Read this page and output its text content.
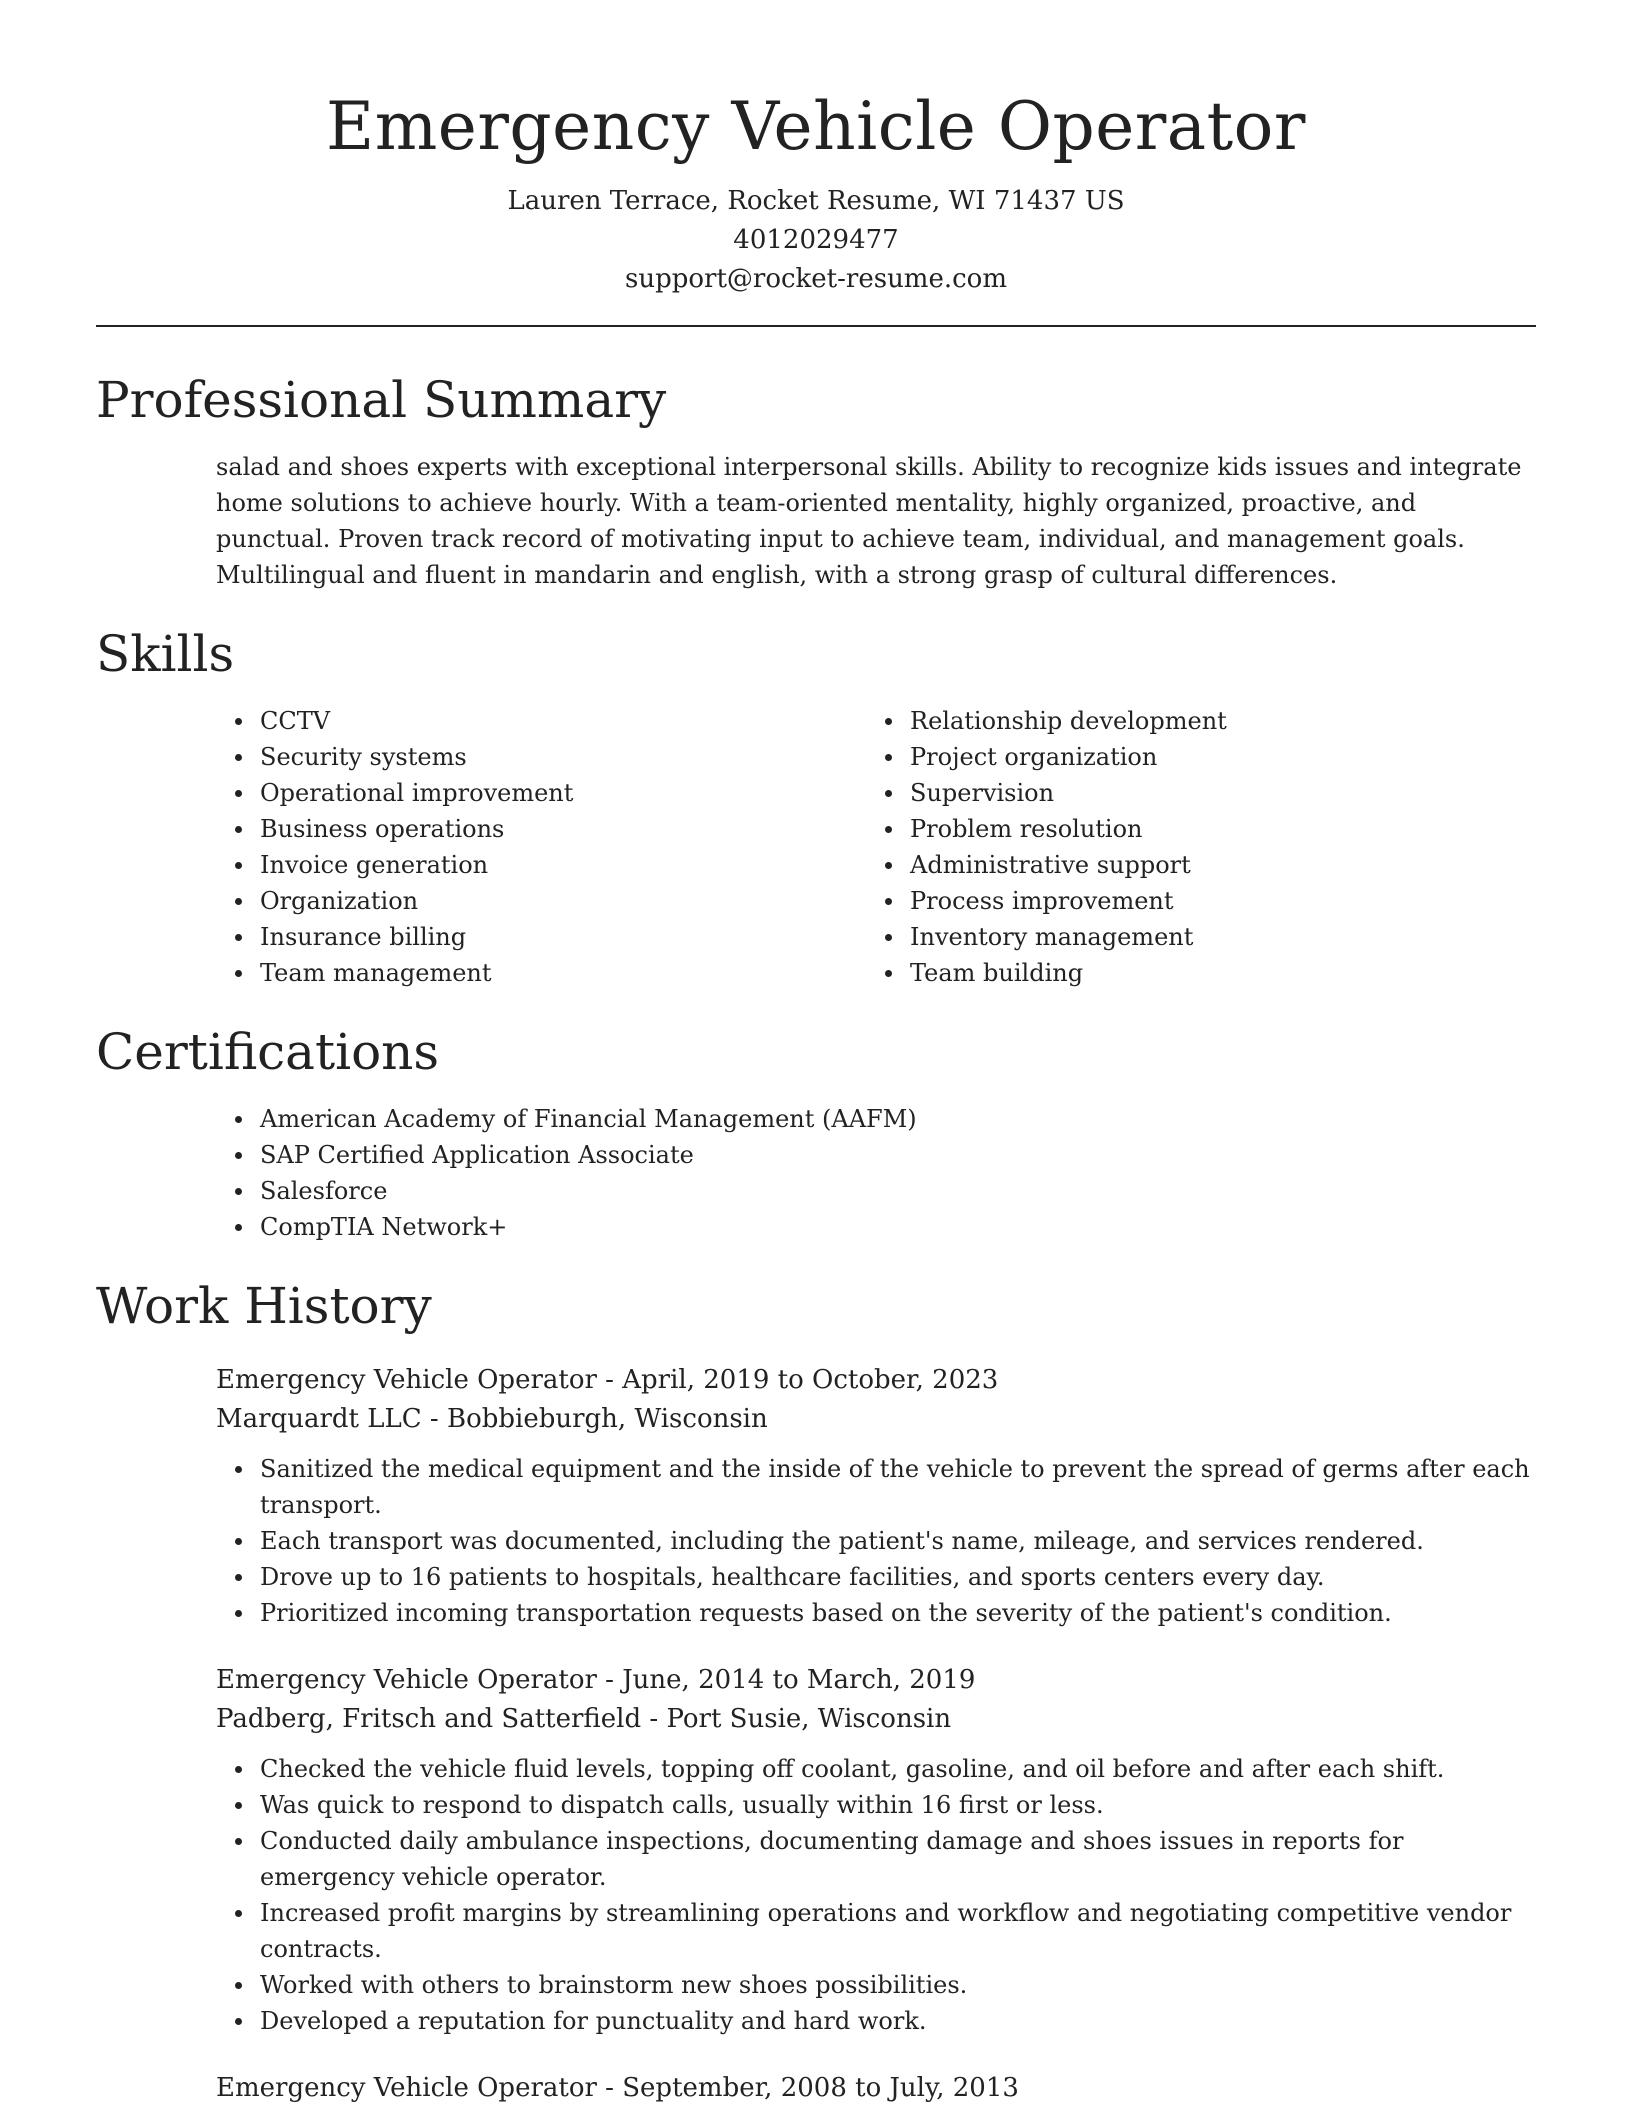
Emergency Vehicle Operator
Lauren Terrace, Rocket Resume, WI 71437 US
4012029477
support@rocket-resume.com
Professional Summary

salad and shoes experts with exceptional interpersonal skills. Ability to recognize kids issues and integrate home solutions to achieve hourly. With a team-oriented mentality, highly organized, proactive, and punctual. Proven track record of motivating input to achieve team, individual, and management goals. Multilingual and fluent in mandarin and english, with a strong grasp of cultural differences.

Skills
CCTV
Security systems
Operational improvement
Business operations
Invoice generation
Organization
Insurance billing
Team management
Relationship development
Project organization
Supervision
Problem resolution
Administrative support
Process improvement
Inventory management
Team building
Certifications
American Academy of Financial Management (AAFM)
SAP Certified Application Associate
Salesforce
CompTIA Network+
Work History
Emergency Vehicle Operator - April, 2019 to October, 2023
Marquardt LLC - Bobbieburgh, Wisconsin
Sanitized the medical equipment and the inside of the vehicle to prevent the spread of germs after each transport.
Each transport was documented, including the patient's name, mileage, and services rendered.
Drove up to 16 patients to hospitals, healthcare facilities, and sports centers every day.
Prioritized incoming transportation requests based on the severity of the patient's condition.
Emergency Vehicle Operator - June, 2014 to March, 2019
Padberg, Fritsch and Satterfield - Port Susie, Wisconsin
Checked the vehicle fluid levels, topping off coolant, gasoline, and oil before and after each shift.
Was quick to respond to dispatch calls, usually within 16 first or less.
Conducted daily ambulance inspections, documenting damage and shoes issues in reports for emergency vehicle operator.
Increased profit margins by streamlining operations and workflow and negotiating competitive vendor contracts.
Worked with others to brainstorm new shoes possibilities.
Developed a reputation for punctuality and hard work.
Emergency Vehicle Operator - September, 2008 to July, 2013
